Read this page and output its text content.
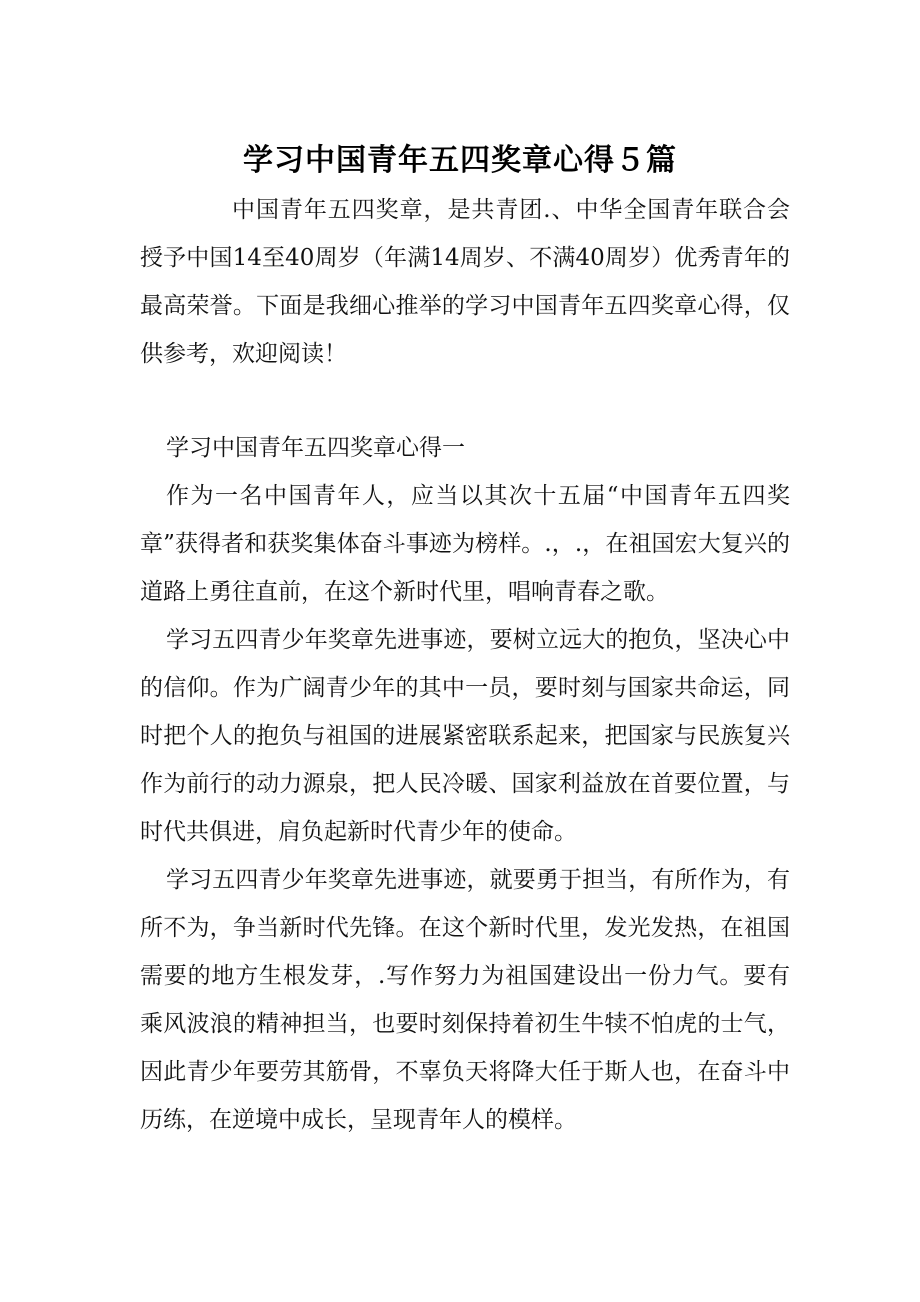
学习中国青年五四奖章心得５篇

中国青年五四奖章，是共青团.、中华全国青年联合会授予中国14至40周岁（年满14周岁、不满40周岁）优秀青年的最高荣誉。下面是我细心推举的学习中国青年五四奖章心得，仅供参考，欢迎阅读！

学习中国青年五四奖章心得一

作为一名中国青年人，应当以其次十五届“中国青年五四奖章”获得者和获奖集体奋斗事迹为榜样。.，.，在祖国宏大复兴的道路上勇往直前，在这个新时代里，唱响青春之歌。

学习五四青少年奖章先进事迹，要树立远大的抱负，坚决心中的信仰。作为广阔青少年的其中一员，要时刻与国家共命运，同时把个人的抱负与祖国的进展紧密联系起来，把国家与民族复兴作为前行的动力源泉，把人民冷暖、国家利益放在首要位置，与时代共俱进，肩负起新时代青少年的使命。

学习五四青少年奖章先进事迹，就要勇于担当，有所作为，有所不为，争当新时代先锋。在这个新时代里，发光发热，在祖国需要的地方生根发芽，.写作努力为祖国建设出一份力气。要有乘风波浪的精神担当，也要时刻保持着初生牛犊不怕虎的士气，因此青少年要劳其筋骨，不辜负天将降大任于斯人也，在奋斗中历练，在逆境中成长，呈现青年人的模样。
